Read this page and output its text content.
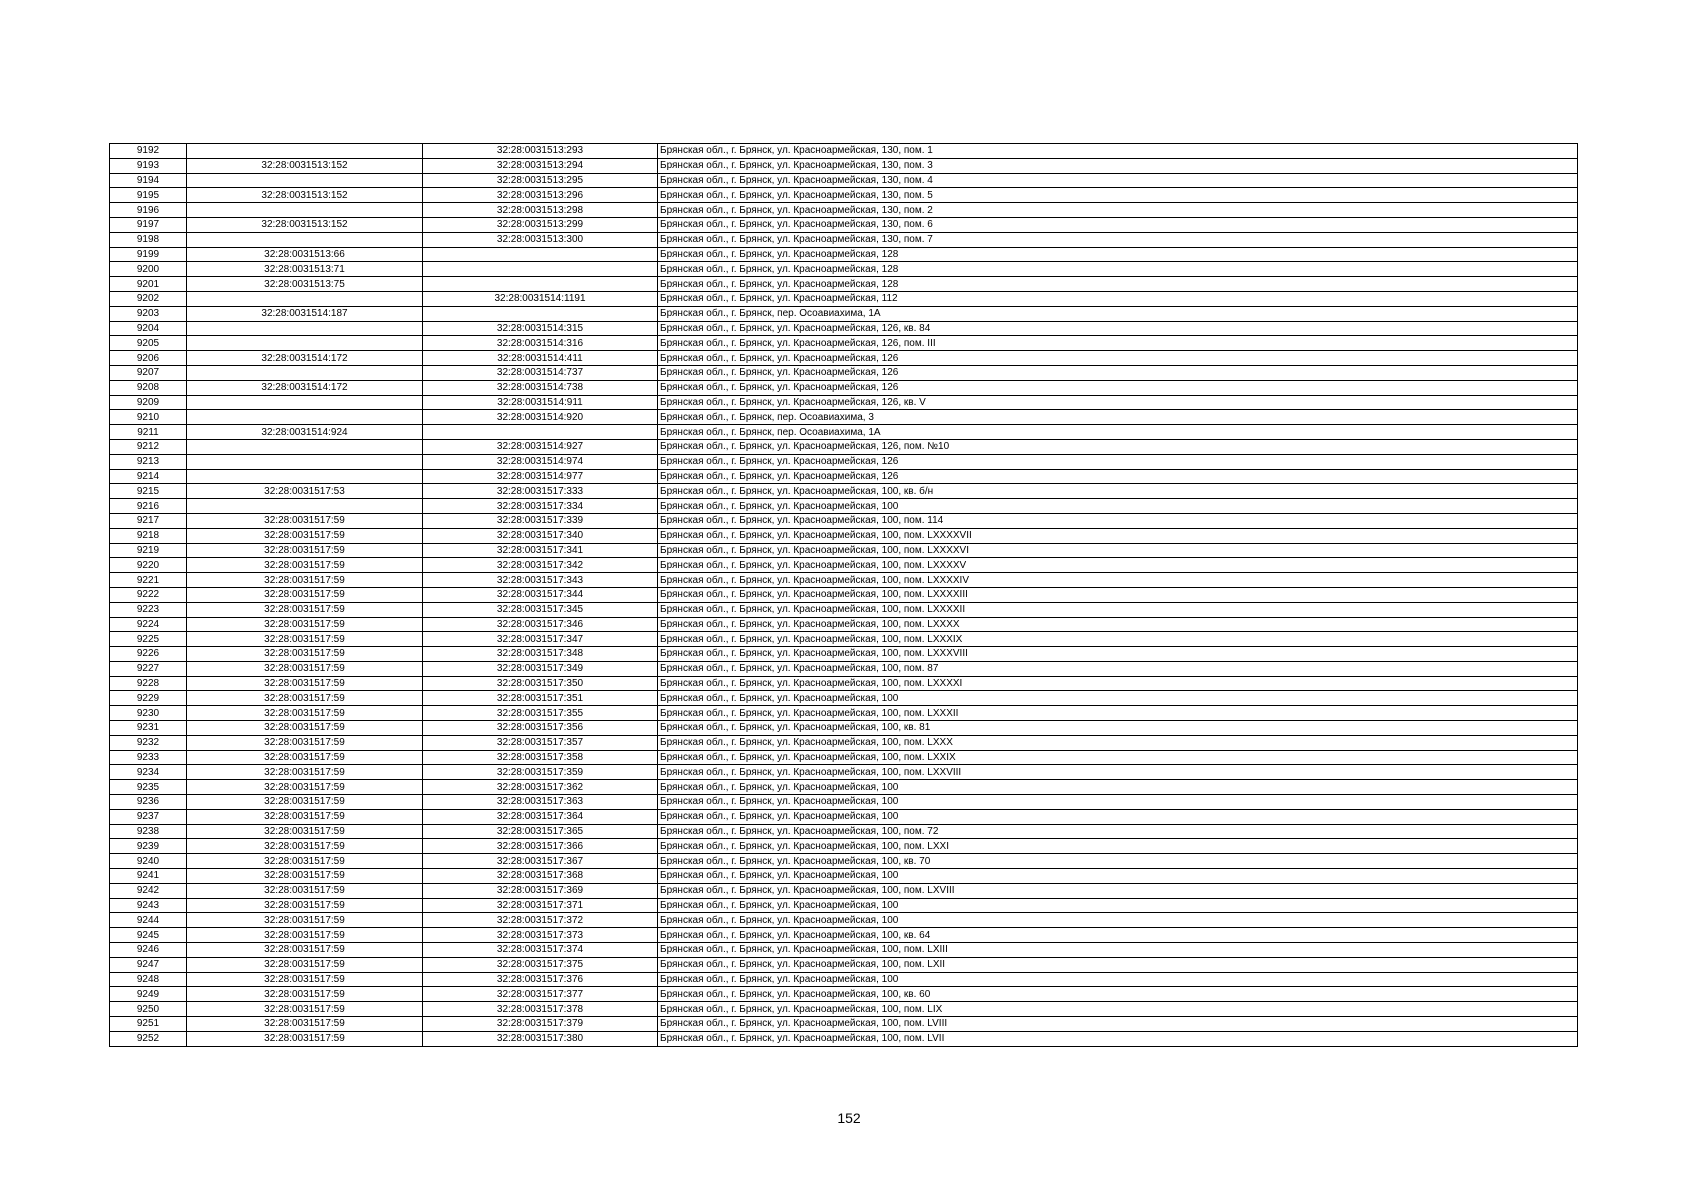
9192		32:28:0031513:293	Брянская обл., г. Брянск, ул. Красноармейская, 130, пом. 1
9193	32:28:0031513:152	32:28:0031513:294	Брянская обл., г. Брянск, ул. Красноармейская, 130, пом. 3
9194		32:28:0031513:295	Брянская обл., г. Брянск, ул. Красноармейская, 130, пом. 4
9195	32:28:0031513:152	32:28:0031513:296	Брянская обл., г. Брянск, ул. Красноармейская, 130, пом. 5
9196		32:28:0031513:298	Брянская обл., г. Брянск, ул. Красноармейская, 130, пом. 2
9197	32:28:0031513:152	32:28:0031513:299	Брянская обл., г. Брянск, ул. Красноармейская, 130, пом. 6
9198		32:28:0031513:300	Брянская обл., г. Брянск, ул. Красноармейская, 130, пом. 7
9199	32:28:0031513:66		Брянская обл., г. Брянск, ул. Красноармейская, 128
9200	32:28:0031513:71		Брянская обл., г. Брянск, ул. Красноармейская, 128
9201	32:28:0031513:75		Брянская обл., г. Брянск, ул. Красноармейская, 128
9202		32:28:0031514:1191	Брянская обл., г. Брянск, ул. Красноармейская, 112
9203	32:28:0031514:187		Брянская обл., г. Брянск, пер. Осоавиахима, 1А
9204		32:28:0031514:315	Брянская обл., г. Брянск, ул. Красноармейская, 126, кв. 84
9205		32:28:0031514:316	Брянская обл., г. Брянск, ул. Красноармейская, 126, пом. III
9206	32:28:0031514:172	32:28:0031514:411	Брянская обл., г. Брянск, ул. Красноармейская, 126
9207		32:28:0031514:737	Брянская обл., г. Брянск, ул. Красноармейская, 126
9208	32:28:0031514:172	32:28:0031514:738	Брянская обл., г. Брянск, ул. Красноармейская, 126
9209		32:28:0031514:911	Брянская обл., г. Брянск, ул. Красноармейская, 126, кв. V
9210		32:28:0031514:920	Брянская обл., г. Брянск, пер. Осоавиахима, 3
9211	32:28:0031514:924		Брянская обл., г. Брянск, пер. Осоавиахима, 1А
9212		32:28:0031514:927	Брянская обл., г. Брянск, ул. Красноармейская, 126, пом. №10
9213		32:28:0031514:974	Брянская обл., г. Брянск, ул. Красноармейская, 126
9214		32:28:0031514:977	Брянская обл., г. Брянск, ул. Красноармейская, 126
9215	32:28:0031517:53	32:28:0031517:333	Брянская обл., г. Брянск, ул. Красноармейская, 100, кв. б/н
9216		32:28:0031517:334	Брянская обл., г. Брянск, ул. Красноармейская, 100
9217	32:28:0031517:59	32:28:0031517:339	Брянская обл., г. Брянск, ул. Красноармейская, 100, пом. 114
9218	32:28:0031517:59	32:28:0031517:340	Брянская обл., г. Брянск, ул. Красноармейская, 100, пом. LXXXXVII
9219	32:28:0031517:59	32:28:0031517:341	Брянская обл., г. Брянск, ул. Красноармейская, 100, пом. LXXXXVI
9220	32:28:0031517:59	32:28:0031517:342	Брянская обл., г. Брянск, ул. Красноармейская, 100, пом. LXXXXV
9221	32:28:0031517:59	32:28:0031517:343	Брянская обл., г. Брянск, ул. Красноармейская, 100, пом. LXXXXIV
9222	32:28:0031517:59	32:28:0031517:344	Брянская обл., г. Брянск, ул. Красноармейская, 100, пом. LXXXXIII
9223	32:28:0031517:59	32:28:0031517:345	Брянская обл., г. Брянск, ул. Красноармейская, 100, пом. LXXXXII
9224	32:28:0031517:59	32:28:0031517:346	Брянская обл., г. Брянск, ул. Красноармейская, 100, пом. LXXXX
9225	32:28:0031517:59	32:28:0031517:347	Брянская обл., г. Брянск, ул. Красноармейская, 100, пом. LXXXIX
9226	32:28:0031517:59	32:28:0031517:348	Брянская обл., г. Брянск, ул. Красноармейская, 100, пом. LXXXVIII
9227	32:28:0031517:59	32:28:0031517:349	Брянская обл., г. Брянск, ул. Красноармейская, 100, пом. 87
9228	32:28:0031517:59	32:28:0031517:350	Брянская обл., г. Брянск, ул. Красноармейская, 100, пом. LXXXXI
9229	32:28:0031517:59	32:28:0031517:351	Брянская обл., г. Брянск, ул. Красноармейская, 100
9230	32:28:0031517:59	32:28:0031517:355	Брянская обл., г. Брянск, ул. Красноармейская, 100, пом. LXXXII
9231	32:28:0031517:59	32:28:0031517:356	Брянская обл., г. Брянск, ул. Красноармейская, 100, кв. 81
9232	32:28:0031517:59	32:28:0031517:357	Брянская обл., г. Брянск, ул. Красноармейская, 100, пом. LXXX
9233	32:28:0031517:59	32:28:0031517:358	Брянская обл., г. Брянск, ул. Красноармейская, 100, пом. LXXIX
9234	32:28:0031517:59	32:28:0031517:359	Брянская обл., г. Брянск, ул. Красноармейская, 100, пом. LXXVIII
9235	32:28:0031517:59	32:28:0031517:362	Брянская обл., г. Брянск, ул. Красноармейская, 100
9236	32:28:0031517:59	32:28:0031517:363	Брянская обл., г. Брянск, ул. Красноармейская, 100
9237	32:28:0031517:59	32:28:0031517:364	Брянская обл., г. Брянск, ул. Красноармейская, 100
9238	32:28:0031517:59	32:28:0031517:365	Брянская обл., г. Брянск, ул. Красноармейская, 100, пом. 72
9239	32:28:0031517:59	32:28:0031517:366	Брянская обл., г. Брянск, ул. Красноармейская, 100, пом. LXXI
9240	32:28:0031517:59	32:28:0031517:367	Брянская обл., г. Брянск, ул. Красноармейская, 100, кв. 70
9241	32:28:0031517:59	32:28:0031517:368	Брянская обл., г. Брянск, ул. Красноармейская, 100
9242	32:28:0031517:59	32:28:0031517:369	Брянская обл., г. Брянск, ул. Красноармейская, 100, пом. LXVIII
9243	32:28:0031517:59	32:28:0031517:371	Брянская обл., г. Брянск, ул. Красноармейская, 100
9244	32:28:0031517:59	32:28:0031517:372	Брянская обл., г. Брянск, ул. Красноармейская, 100
9245	32:28:0031517:59	32:28:0031517:373	Брянская обл., г. Брянск, ул. Красноармейская, 100, кв. 64
9246	32:28:0031517:59	32:28:0031517:374	Брянская обл., г. Брянск, ул. Красноармейская, 100, пом. LXIII
9247	32:28:0031517:59	32:28:0031517:375	Брянская обл., г. Брянск, ул. Красноармейская, 100, пом. LXII
9248	32:28:0031517:59	32:28:0031517:376	Брянская обл., г. Брянск, ул. Красноармейская, 100
9249	32:28:0031517:59	32:28:0031517:377	Брянская обл., г. Брянск, ул. Красноармейская, 100, кв. 60
9250	32:28:0031517:59	32:28:0031517:378	Брянская обл., г. Брянск, ул. Красноармейская, 100, пом. LIX
9251	32:28:0031517:59	32:28:0031517:379	Брянская обл., г. Брянск, ул. Красноармейская, 100, пом. LVIII
9252	32:28:0031517:59	32:28:0031517:380	Брянская обл., г. Брянск, ул. Красноармейская, 100, пом. LVII
152
